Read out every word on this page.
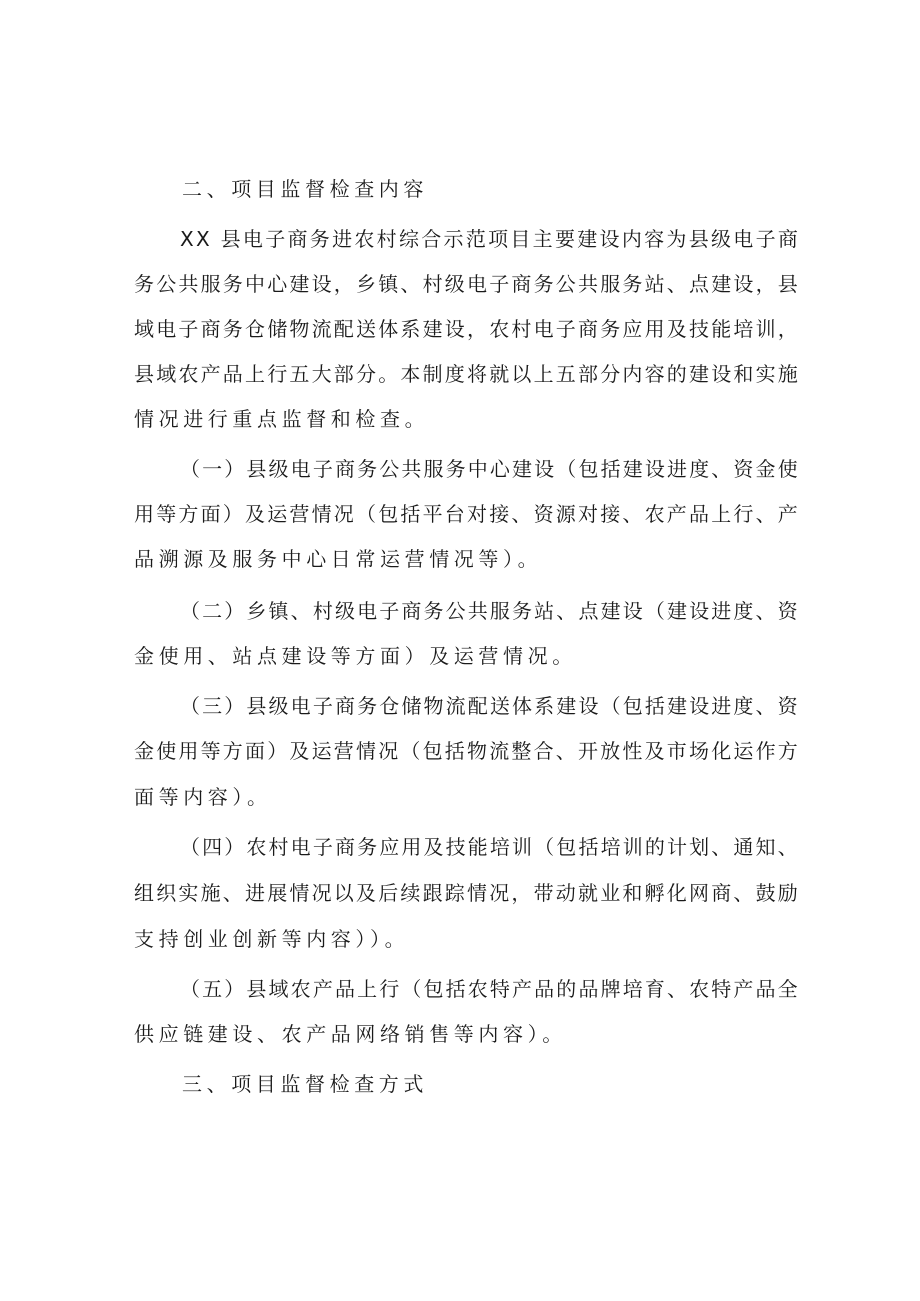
二、项目监督检查内容
XX 县电子商务进农村综合示范项目主要建设内容为县级电子商
务公共服务中心建设，乡镇、村级电子商务公共服务站、点建设，县
域电子商务仓储物流配送体系建设，农村电子商务应用及技能培训，
县域农产品上行五大部分。本制度将就以上五部分内容的建设和实施
情况进行重点监督和检查。
（一）县级电子商务公共服务中心建设（包括建设进度、资金使
用等方面）及运营情况（包括平台对接、资源对接、农产品上行、产
品溯源及服务中心日常运营情况等）。
（二）乡镇、村级电子商务公共服务站、点建设（建设进度、资
金使用、站点建设等方面）及运营情况。
（三）县级电子商务仓储物流配送体系建设（包括建设进度、资
金使用等方面）及运营情况（包括物流整合、开放性及市场化运作方
面等内容）。
（四）农村电子商务应用及技能培训（包括培训的计划、通知、
组织实施、进展情况以及后续跟踪情况，带动就业和孵化网商、鼓励
支持创业创新等内容））。
（五）县域农产品上行（包括农特产品的品牌培育、农特产品全
供应链建设、农产品网络销售等内容）。
三、项目监督检查方式
